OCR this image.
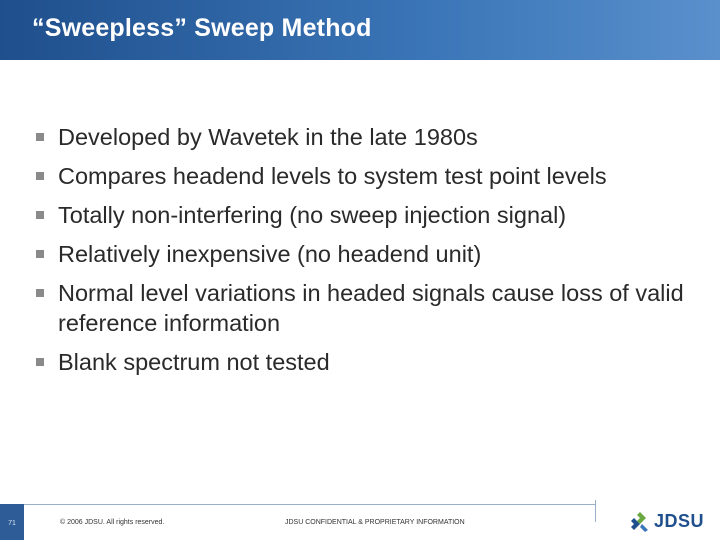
“Sweepless” Sweep Method
Developed by Wavetek in the late 1980s
Compares headend levels to system test point levels
Totally non-interfering (no sweep injection signal)
Relatively inexpensive (no headend unit)
Normal level variations in headed signals cause loss of valid reference information
Blank spectrum not tested
71	© 2006 JDSU. All rights reserved.	JDSU CONFIDENTIAL & PROPRIETARY INFORMATION	JDSU
